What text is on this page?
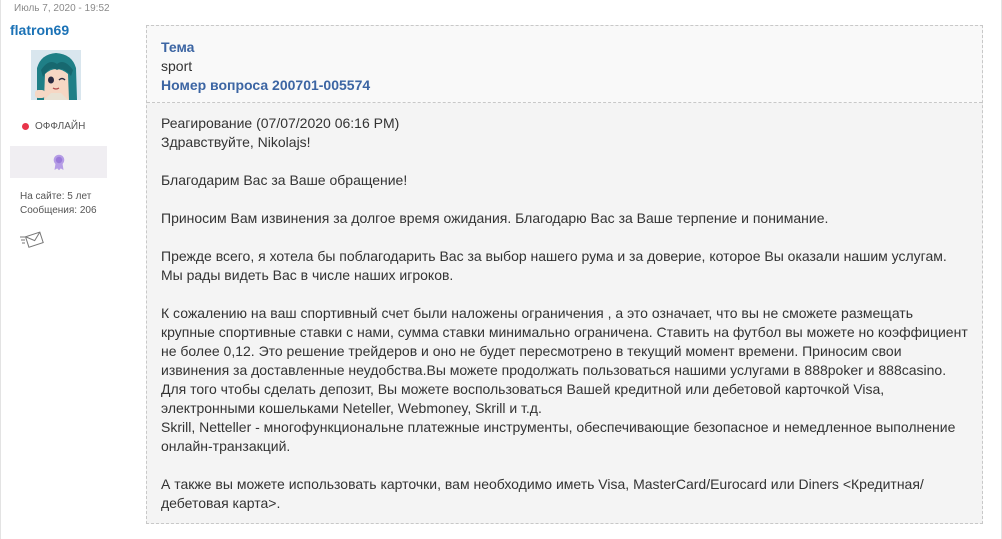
Июль 7, 2020 - 19:52
flatron69
ОФФЛАЙН
На сайте: 5 лет
Сообщения: 206
Тема
sport
Номер вопроса 200701-005574

Реагирование (07/07/2020 06:16 PM)

Здравствуйте, Nikolajs!

Благодарим Вас за Ваше обращение!

Приносим Вам извинения за долгое время ожидания. Благодарю Вас за Ваше терпение и понимание.

Прежде всего, я хотела бы поблагодарить Вас за выбор нашего рума и за доверие, которое Вы оказали нашим услугам.

Мы рады видеть Вас в числе наших игроков.

К сожалению на ваш спортивный счет были наложены ограничения , а это означает, что вы не сможете размещать

крупные спортивные ставки с нами, сумма ставки минимально ограничена. Ставить на футбол вы можете но коэффициент

не более 0,12. Это решение трейдеров и оно не будет пересмотрено в текущий момент времени. Приносим свои

извинения за доставленные неудобства.Вы можете продолжать пользоваться нашими услугами в 888poker и 888casino.

Для того чтобы сделать депозит, Вы можете воспользоваться Вашей кредитной или дебетовой карточкой Visa,

электронными кошельками Neteller, Webmoney, Skrill и т.д.

Skrill, Netteller - многофункциональне платежные инструменты, обеспечивающие безопасное и немедленное выполнение

онлайн-транзакций.

А также вы можете использовать карточки, вам необходимо иметь Visa, MasterCard/Eurocard или Diners <Кредитная/

дебетовая карта>.
